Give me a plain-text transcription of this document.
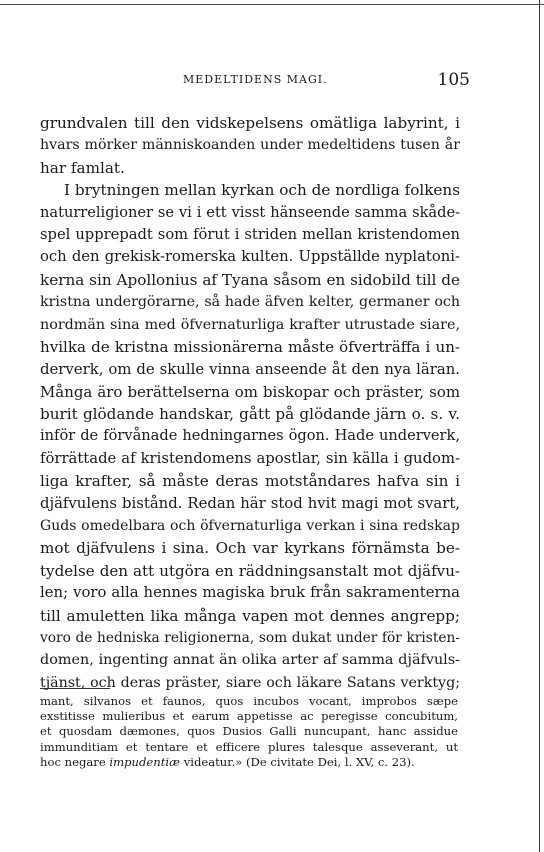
MEDELTIDENS MAGI.	105
grundvalen till den vidskepelsens omätliga labyrint, i
hvars mörker människoanden under medeltidens tusen år
har famlat.
I brytningen mellan kyrkan och de nordliga folkens
naturreligioner se vi i ett visst hänseende samma skåde-
spel upprepadt som förut i striden mellan kristendomen
och den grekisk-romerska kulten. Uppställde nyplatoni-
kerna sin Apollonius af Tyana såsom en sidobild till de
kristna undergörarne, så hade äfven kelter, germaner och
nordmän sina med öfvernaturliga krafter utrustade siare,
hvilka de kristna missionärerna måste öfverträffa i un-
derverk, om de skulle vinna anseende åt den nya läran.
Många äro berättelserna om biskopar och präster, som
burit glödande handskar, gått på glödande järn o. s. v.
inför de förvånade hedningarnes ögon. Hade underverk,
förrättade af kristendomens apostlar, sin källa i gudom-
liga krafter, så måste deras motståndares hafva sin i
djäfvulens bistånd. Redan här stod hvit magi mot svart,
Guds omedelbara och öfvernaturliga verkan i sina redskap
mot djäfvulens i sina. Och var kyrkans förnämsta be-
tydelse den att utgöra en räddningsanstalt mot djäfvu-
len; voro alla hennes magiska bruk från sakramenterna
till amuletten lika många vapen mot dennes angrepp;
voro de hedniska religionerna, som dukat under för kristen-
domen, ingenting annat än olika arter af samma djäfvuls-
tjänst, och deras präster, siare och läkare Satans verktyg;
mant, silvanos et faunos, quos incubos vocant, improbos sæpe
exstitisse mulieribus et earum appetisse ac peregisse concubitum,
et quosdam dæmones, quos Dusios Galli nuncupant, hanc assidue
immunditiam et tentare et efficere plures talesque asseverant, ut
hoc negare impudentiæ videatur.» (De civitate Dei, l. XV, c. 23).
